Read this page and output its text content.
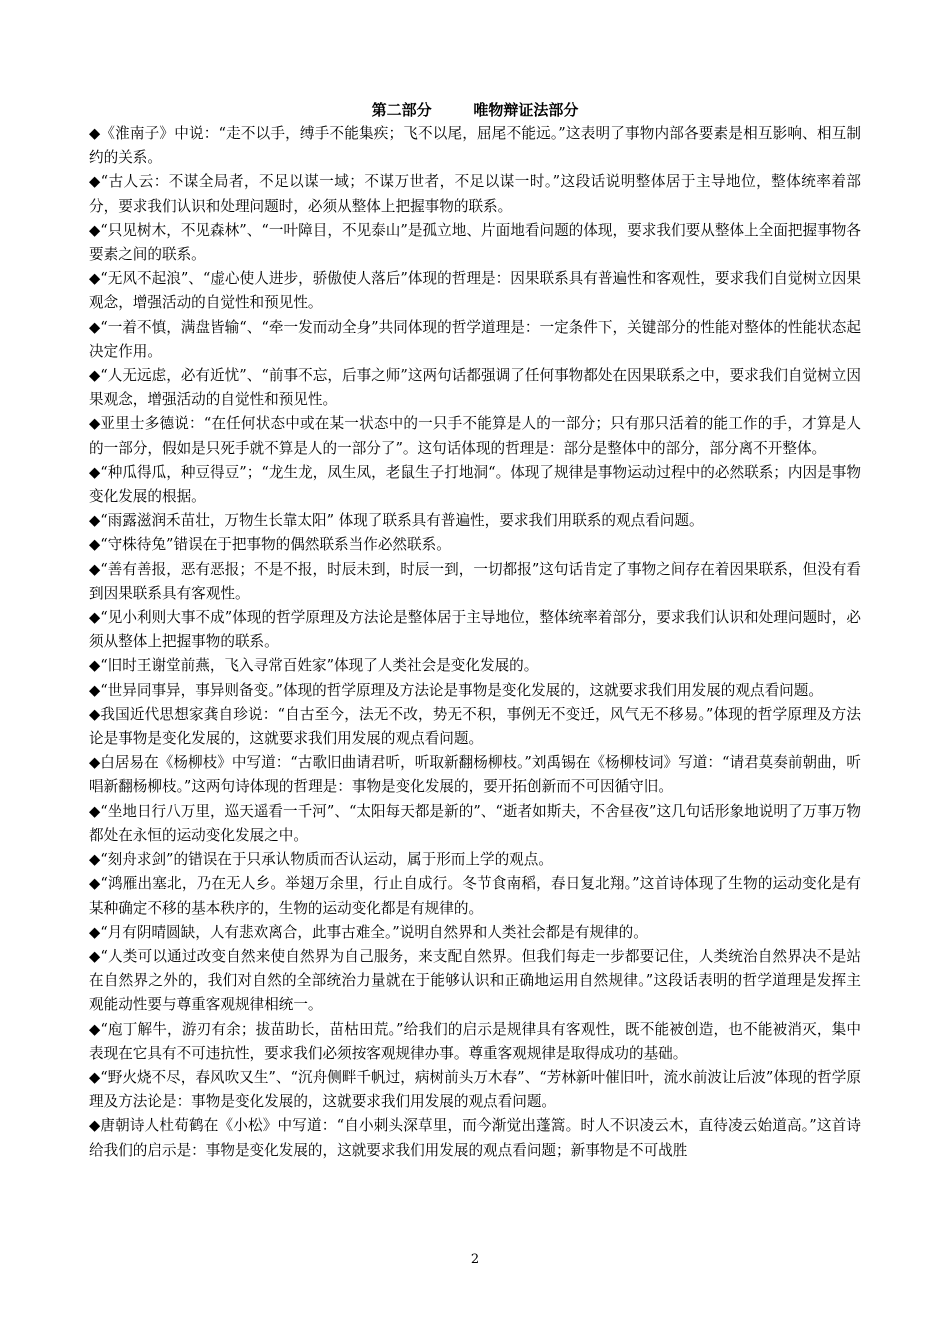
第二部分        唯物辩证法部分

◆《淮南子》中说：“走不以手，缚手不能集疾；飞不以尾，屈尾不能远。”这表明了事物内部各要素是相互影响、相互制约的关系。

◆“古人云：不谋全局者，不足以谋一域；不谋万世者，不足以谋一时。”这段话说明整体居于主导地位，整体统率着部分，要求我们认识和处理问题时，必须从整体上把握事物的联系。

◆“只见树木，不见森林”、“一叶障目，不见泰山”是孤立地、片面地看问题的体现，要求我们要从整体上全面把握事物各要素之间的联系。

◆“无风不起浪”、“虚心使人进步，骄傲使人落后”体现的哲理是：因果联系具有普遍性和客观性，要求我们自觉树立因果观念，增强活动的自觉性和预见性。

◆“一着不慎，满盘皆输“、“牵一发而动全身”共同体现的哲学道理是：一定条件下，关键部分的性能对整体的性能状态起决定作用。

◆“人无远虑，必有近忧”、“前事不忘，后事之师”这两句话都强调了任何事物都处在因果联系之中，要求我们自觉树立因果观念，增强活动的自觉性和预见性。

◆亚里士多德说：“在任何状态中或在某一状态中的一只手不能算是人的一部分；只有那只活着的能工作的手，才算是人的一部分，假如是只死手就不算是人的一部分了”。这句话体现的哲理是：部分是整体中的部分，部分离不开整体。

◆“种瓜得瓜，种豆得豆”；“龙生龙，凤生凤，老鼠生子打地洞“。体现了规律是事物运动过程中的必然联系；内因是事物变化发展的根据。

◆“雨露滋润禾苗壮，万物生长靠太阳” 体现了联系具有普遍性，要求我们用联系的观点看问题。

◆“守株待兔”错误在于把事物的偶然联系当作必然联系。

◆“善有善报，恶有恶报；不是不报，时辰未到，时辰一到，一切都报”这句话肯定了事物之间存在着因果联系，但没有看到因果联系具有客观性。

◆“见小利则大事不成”体现的哲学原理及方法论是整体居于主导地位，整体统率着部分，要求我们认识和处理问题时，必须从整体上把握事物的联系。

◆“旧时王谢堂前燕，飞入寻常百姓家”体现了人类社会是变化发展的。

◆“世异同事异，事异则备变。”体现的哲学原理及方法论是事物是变化发展的，这就要求我们用发展的观点看问题。

◆我国近代思想家龚自珍说：“自古至今，法无不改，势无不积，事例无不变迁，风气无不移易。”体现的哲学原理及方法论是事物是变化发展的，这就要求我们用发展的观点看问题。

◆白居易在《杨柳枝》中写道：“古歌旧曲请君听，听取新翻杨柳枝。”刘禹锡在《杨柳枝词》写道：“请君莫奏前朝曲，听唱新翻杨柳枝。”这两句诗体现的哲理是：事物是变化发展的，要开拓创新而不可因循守旧。

◆“坐地日行八万里，巡天遥看一千河”、“太阳每天都是新的”、“逝者如斯夫，不舍昼夜”这几句话形象地说明了万事万物都处在永恒的运动变化发展之中。

◆“刻舟求剑”的错误在于只承认物质而否认运动，属于形而上学的观点。

◆“鸿雁出塞北，乃在无人乡。举翅万余里，行止自成行。冬节食南稻，春日复北翔。”这首诗体现了生物的运动变化是有某种确定不移的基本秩序的，生物的运动变化都是有规律的。

◆“月有阴晴圆缺，人有悲欢离合，此事古难全。”说明自然界和人类社会都是有规律的。

◆“人类可以通过改变自然来使自然界为自己服务，来支配自然界。但我们每走一步都要记住，人类统治自然界决不是站在自然界之外的，我们对自然的全部统治力量就在于能够认识和正确地运用自然规律。”这段话表明的哲学道理是发挥主观能动性要与尊重客观规律相统一。

◆“庖丁解牛，游刃有余；拔苗助长，苗枯田荒。”给我们的启示是规律具有客观性，既不能被创造，也不能被消灭，集中表现在它具有不可违抗性，要求我们必须按客观规律办事。尊重客观规律是取得成功的基础。

◆“野火烧不尽，春风吹又生”、“沉舟侧畔千帆过，病树前头万木春”、“芳林新叶催旧叶，流水前波让后波”体现的哲学原理及方法论是：事物是变化发展的，这就要求我们用发展的观点看问题。

◆唐朝诗人杜荀鹤在《小松》中写道：“自小刺头深草里，而今渐觉出蓬篙。时人不识凌云木，直待凌云始道高。”这首诗给我们的启示是：事物是变化发展的，这就要求我们用发展的观点看问题；新事物是不可战胜

2
